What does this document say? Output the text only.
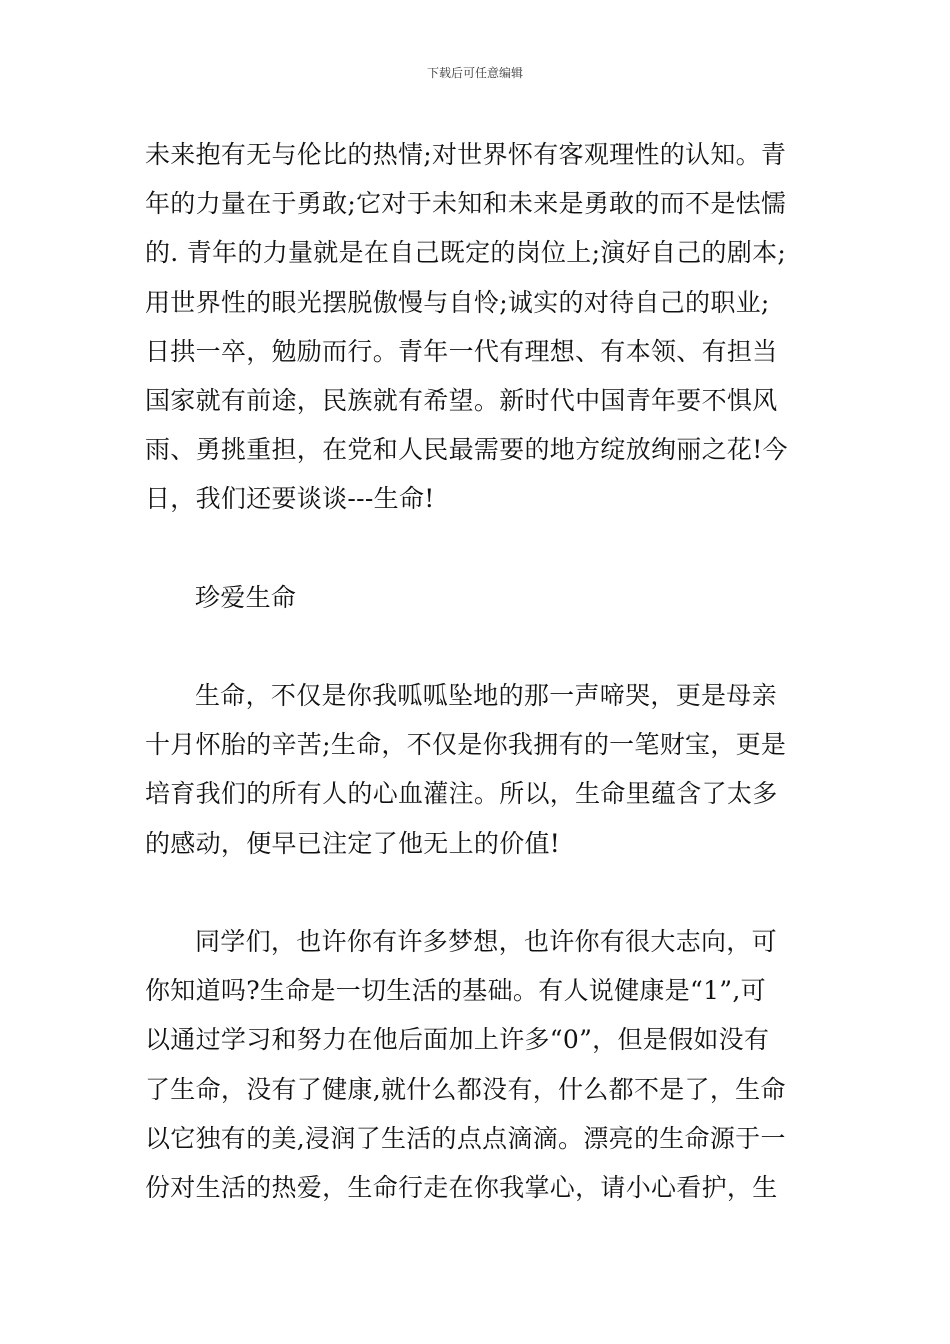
下载后可任意编辑
未来抱有无与伦比的热情;对世界怀有客观理性的认知。青
年的力量在于勇敢;它对于未知和未来是勇敢的而不是怯懦
的. 青年的力量就是在自己既定的岗位上;演好自己的剧本;
用世界性的眼光摆脱傲慢与自怜;诚实的对待自己的职业;
日拱一卒，勉励而行。青年一代有理想、有本领、有担当
国家就有前途，民族就有希望。新时代中国青年要不惧风
雨、勇挑重担，在党和人民最需要的地方绽放绚丽之花!今
日，我们还要谈谈---生命!
珍爱生命
生命，不仅是你我呱呱坠地的那一声啼哭，更是母亲
十月怀胎的辛苦;生命，不仅是你我拥有的一笔财宝，更是
培育我们的所有人的心血灌注。所以，生命里蕴含了太多
的感动，便早已注定了他无上的价值!
同学们，也许你有许多梦想，也许你有很大志向，可
你知道吗?生命是一切生活的基础。有人说健康是“1”,可
以通过学习和努力在他后面加上许多“0”，但是假如没有
了生命，没有了健康,就什么都没有，什么都不是了，生命
以它独有的美,浸润了生活的点点滴滴。漂亮的生命源于一
份对生活的热爱，生命行走在你我掌心，请小心看护，生
